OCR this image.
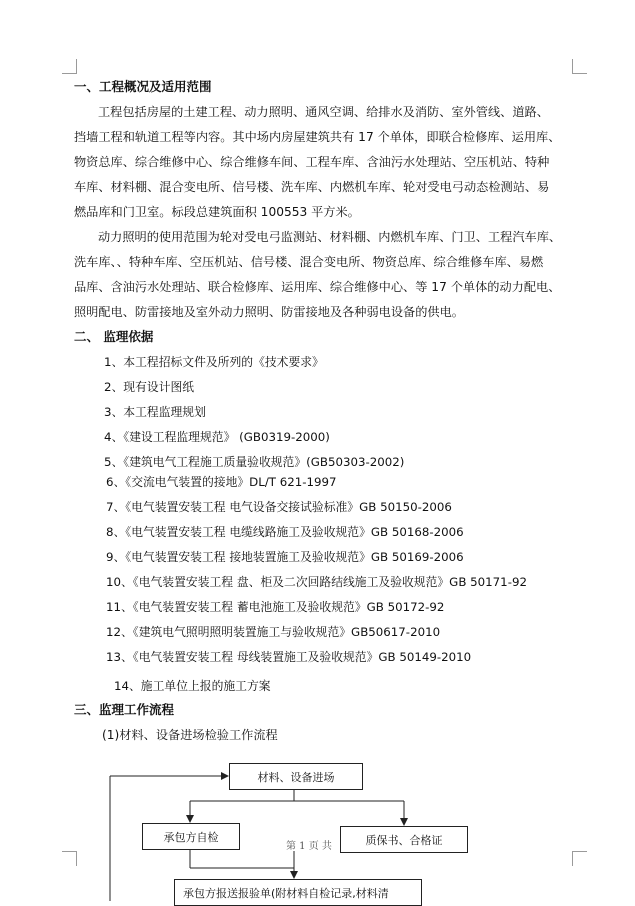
一、工程概况及适用范围
工程包括房屋的土建工程、动力照明、通风空调、给排水及消防、室外管线、道路、
挡墙工程和轨道工程等内容。其中场内房屋建筑共有 17 个单体，即联合检修库、运用库、
物资总库、综合维修中心、综合维修车间、工程车库、含油污水处理站、空压机站、特种
车库、材料棚、混合变电所、信号楼、洗车库、内燃机车库、轮对受电弓动态检测站、易
燃品库和门卫室。标段总建筑面积 100553 平方米。
动力照明的使用范围为轮对受电弓监测站、材料棚、内燃机车库、门卫、工程汽车库、
洗车库、、特种车库、空压机站、信号楼、混合变电所、物资总库、综合维修车库、易燃
品库、含油污水处理站、联合检修库、运用库、综合维修中心、等 17 个单体的动力配电、
照明配电、防雷接地及室外动力照明、防雷接地及各种弱电设备的供电。
二、 监理依据
1、本工程招标文件及所列的《技术要求》
2、现有设计图纸
3、本工程监理规划
4、《建设工程监理规范》 (GB0319-2000)
5、《建筑电气工程施工质量验收规范》(GB50303-2002)
6、《交流电气装置的接地》DL/T 621-1997
7、《电气装置安装工程 电气设备交接试验标准》GB 50150-2006
8、《电气装置安装工程 电缆线路施工及验收规范》GB 50168-2006
9、《电气装置安装工程 接地装置施工及验收规范》GB 50169-2006
10、《电气装置安装工程 盘、柜及二次回路结线施工及验收规范》GB 50171-92
11、《电气装置安装工程 蓄电池施工及验收规范》GB 50172-92
12、《建筑电气照明照明装置施工与验收规范》GB50617-2010
13、《电气装置安装工程 母线装置施工及验收规范》GB 50149-2010
14、施工单位上报的施工方案
三、监理工作流程
(1)材料、设备进场检验工作流程
材料、设备进场
承包方自检	质保书、合格证
承包方报送报验单(附材料自检记录,材料清
第 1 页 共
